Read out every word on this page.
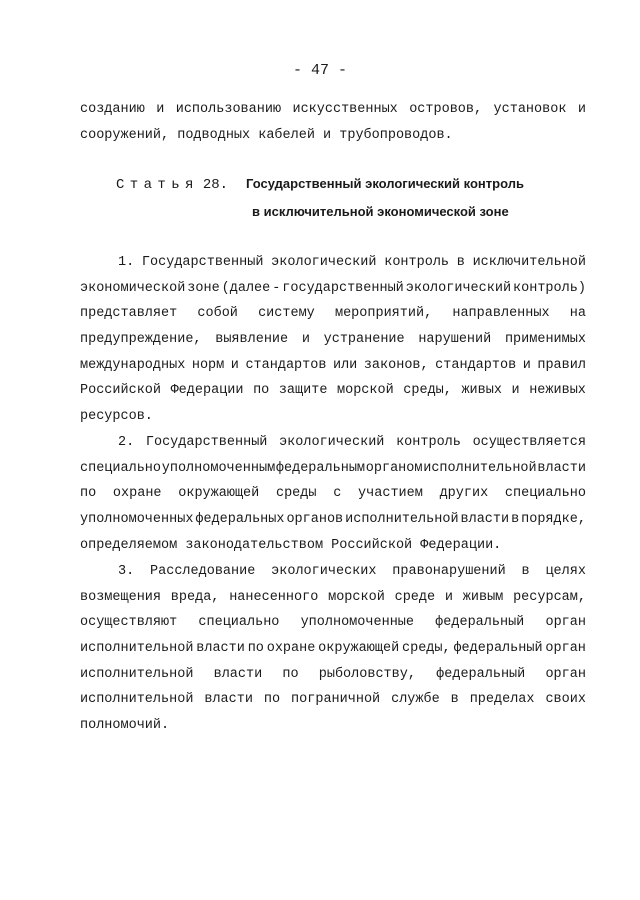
- 47 -
созданию и использованию искусственных островов, установок и
сооружений, подводных кабелей и трубопроводов.
Статья 28. Государственный экологический контроль
в исключительной экономической зоне
1. Государственный экологический контроль в исключительной
экономической зоне (далее - государственный экологический контроль)
представляет собой систему мероприятий, направленных на
предупреждение, выявление и устранение нарушений применимых
международных норм и стандартов или законов, стандартов и правил
Российской Федерации по защите морской среды, живых и неживых
ресурсов.
2. Государственный экологический контроль осуществляется
специально уполномоченным федеральным органом исполнительной власти
по охране окружающей среды с участием других специально
уполномоченных федеральных органов исполнительной власти в порядке,
определяемом законодательством Российской Федерации.
3. Расследование экологических правонарушений в целях
возмещения вреда, нанесенного морской среде и живым ресурсам,
осуществляют специально уполномоченные федеральный орган
исполнительной власти по охране окружающей среды, федеральный орган
исполнительной власти по рыболовству, федеральный орган
исполнительной власти по пограничной службе в пределах своих
полномочий.
